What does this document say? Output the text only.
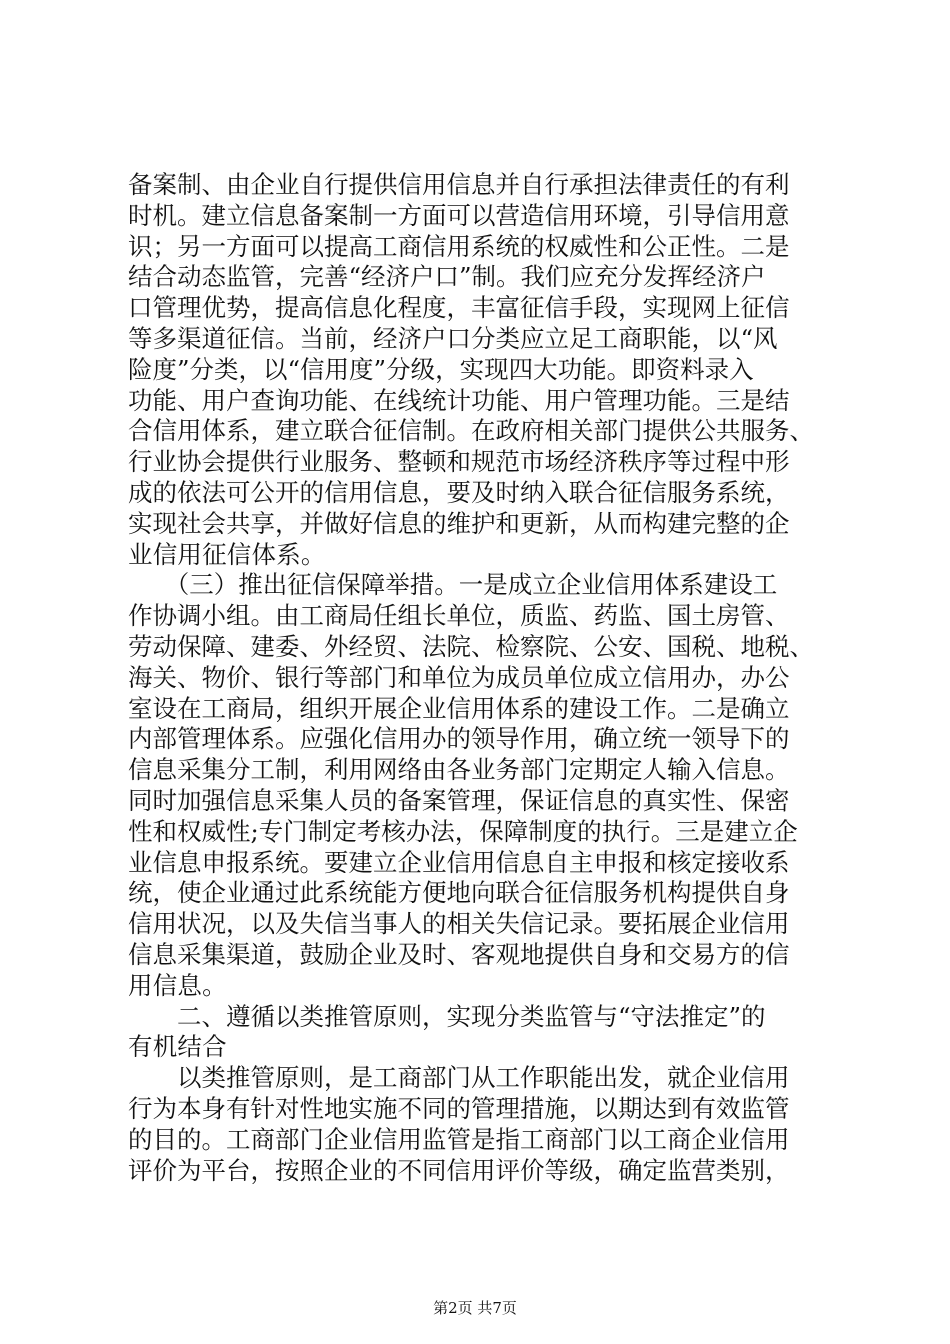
备案制、由企业自行提供信用信息并自行承担法律责任的有利
时机。建立信息备案制一方面可以营造信用环境，引导信用意
识；另一方面可以提高工商信用系统的权威性和公正性。二是
结合动态监管，完善“经济户口”制。我们应充分发挥经济户
口管理优势，提高信息化程度，丰富征信手段，实现网上征信
等多渠道征信。当前，经济户口分类应立足工商职能，以“风
险度”分类，以“信用度”分级，实现四大功能。即资料录入
功能、用户查询功能、在线统计功能、用户管理功能。三是结
合信用体系，建立联合征信制。在政府相关部门提供公共服务、
行业协会提供行业服务、整顿和规范市场经济秩序等过程中形
成的依法可公开的信用信息，要及时纳入联合征信服务系统，
实现社会共享，并做好信息的维护和更新，从而构建完整的企
业信用征信体系。
　　（三）推出征信保障举措。一是成立企业信用体系建设工
作协调小组。由工商局任组长单位，质监、药监、国土房管、
劳动保障、建委、外经贸、法院、检察院、公安、国税、地税、
海关、物价、银行等部门和单位为成员单位成立信用办，办公
室设在工商局，组织开展企业信用体系的建设工作。二是确立
内部管理体系。应强化信用办的领导作用，确立统一领导下的
信息采集分工制，利用网络由各业务部门定期定人输入信息。
同时加强信息采集人员的备案管理，保证信息的真实性、保密
性和权威性;专门制定考核办法，保障制度的执行。三是建立企
业信息申报系统。要建立企业信用信息自主申报和核定接收系
统，使企业通过此系统能方便地向联合征信服务机构提供自身
信用状况，以及失信当事人的相关失信记录。要拓展企业信用
信息采集渠道，鼓励企业及时、客观地提供自身和交易方的信
用信息。
　　二、遵循以类推管原则，实现分类监管与“守法推定”的
有机结合
　　以类推管原则，是工商部门从工作职能出发，就企业信用
行为本身有针对性地实施不同的管理措施，以期达到有效监管
的目的。工商部门企业信用监管是指工商部门以工商企业信用
评价为平台，按照企业的不同信用评价等级，确定监营类别，
第2页 共7页
